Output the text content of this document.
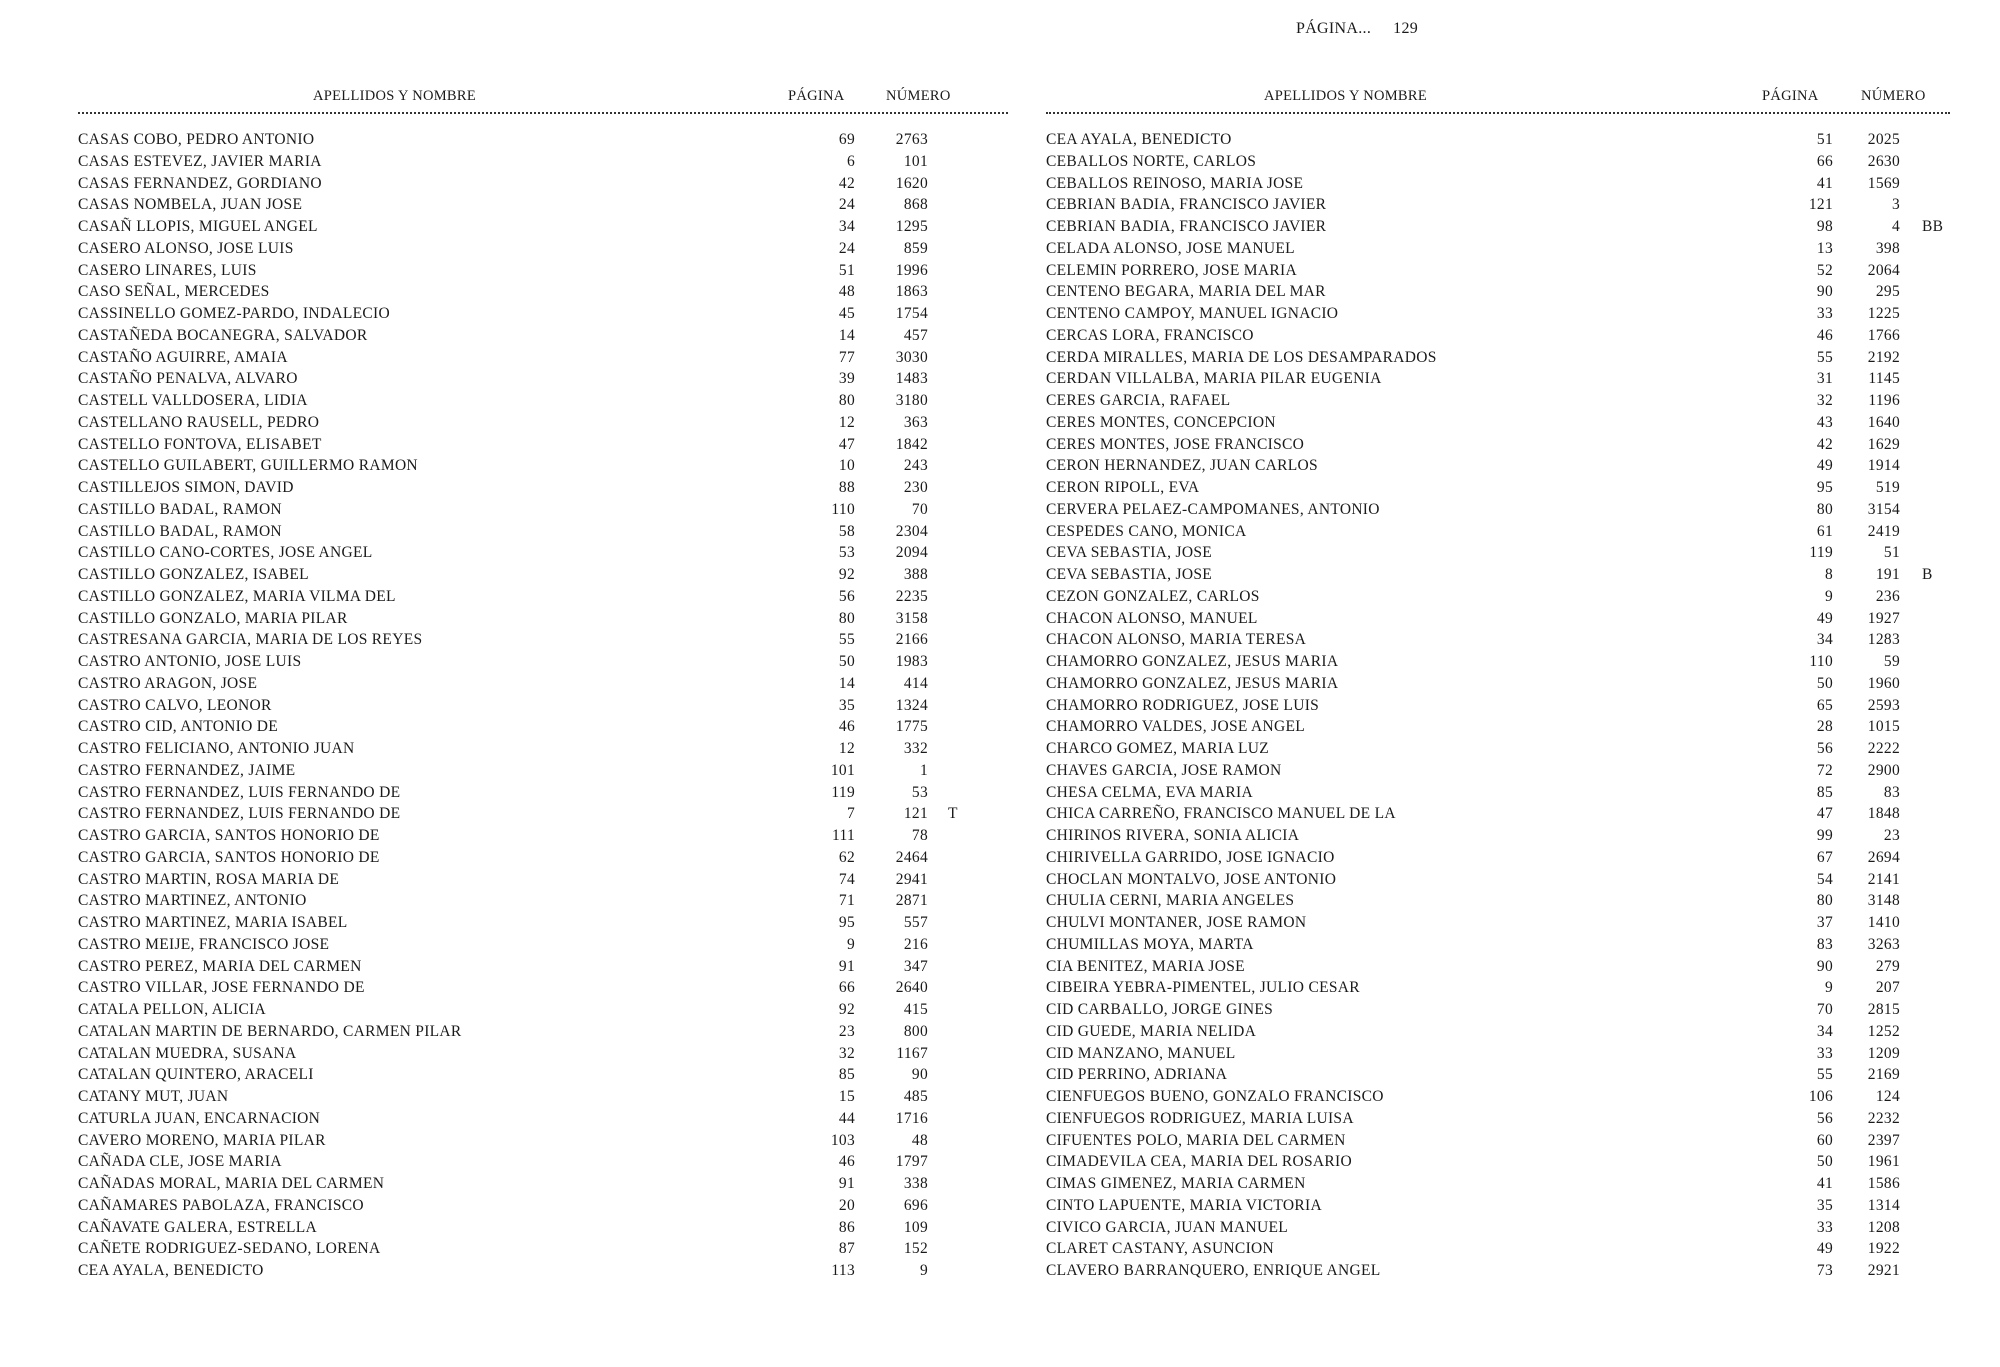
PÁGINA... 129
APELLIDOS Y NOMBRE	PÁGINA	NÚMERO	APELLIDOS Y NOMBRE	PÁGINA	NÚMERO
CASAS COBO, PEDRO ANTONIO	69	2763
CASAS ESTEVEZ, JAVIER MARIA	6	101
CASAS FERNANDEZ, GORDIANO	42	1620
CASAS NOMBELA, JUAN JOSE	24	868
CASAÑ LLOPIS, MIGUEL ANGEL	34	1295
CASERO ALONSO, JOSE LUIS	24	859
CASERO LINARES, LUIS	51	1996
CASO SEÑAL, MERCEDES	48	1863
CASSINELLO GOMEZ-PARDO, INDALECIO	45	1754
CASTAÑEDA BOCANEGRA, SALVADOR	14	457
CASTAÑO AGUIRRE, AMAIA	77	3030
CASTAÑO PENALVA, ALVARO	39	1483
CASTELL VALLDOSERA, LIDIA	80	3180
CASTELLANO RAUSELL, PEDRO	12	363
CASTELLO FONTOVA, ELISABET	47	1842
CASTELLO GUILABERT, GUILLERMO RAMON	10	243
CASTILLEJOS SIMON, DAVID	88	230
CASTILLO BADAL, RAMON	110	70
CASTILLO BADAL, RAMON	58	2304
CASTILLO CANO-CORTES, JOSE ANGEL	53	2094
CASTILLO GONZALEZ, ISABEL	92	388
CASTILLO GONZALEZ, MARIA VILMA DEL	56	2235
CASTILLO GONZALO, MARIA PILAR	80	3158
CASTRESANA GARCIA, MARIA DE LOS REYES	55	2166
CASTRO ANTONIO, JOSE LUIS	50	1983
CASTRO ARAGON, JOSE	14	414
CASTRO CALVO, LEONOR	35	1324
CASTRO CID, ANTONIO DE	46	1775
CASTRO FELICIANO, ANTONIO JUAN	12	332
CASTRO FERNANDEZ, JAIME	101	1
CASTRO FERNANDEZ, LUIS FERNANDO DE	119	53
CASTRO FERNANDEZ, LUIS FERNANDO DE	7	121 T
CASTRO GARCIA, SANTOS HONORIO DE	111	78
CASTRO GARCIA, SANTOS HONORIO DE	62	2464
CASTRO MARTIN, ROSA MARIA DE	74	2941
CASTRO MARTINEZ, ANTONIO	71	2871
CASTRO MARTINEZ, MARIA ISABEL	95	557
CASTRO MEIJE, FRANCISCO JOSE	9	216
CASTRO PEREZ, MARIA DEL CARMEN	91	347
CASTRO VILLAR, JOSE FERNANDO DE	66	2640
CATALA PELLON, ALICIA	92	415
CATALAN MARTIN DE BERNARDO, CARMEN PILAR	23	800
CATALAN MUEDRA, SUSANA	32	1167
CATALAN QUINTERO, ARACELI	85	90
CATANY MUT, JUAN	15	485
CATURLA JUAN, ENCARNACION	44	1716
CAVERO MORENO, MARIA PILAR	103	48
CAÑADA CLE, JOSE MARIA	46	1797
CAÑADAS MORAL, MARIA DEL CARMEN	91	338
CAÑAMARES PABOLAZA, FRANCISCO	20	696
CAÑAVATE GALERA, ESTRELLA	86	109
CAÑETE RODRIGUEZ-SEDANO, LORENA	87	152
CEA AYALA, BENEDICTO	113	9
CEA AYALA, BENEDICTO	51	2025
CEBALLOS NORTE, CARLOS	66	2630
CEBALLOS REINOSO, MARIA JOSE	41	1569
CEBRIAN BADIA, FRANCISCO JAVIER	121	3
CEBRIAN BADIA, FRANCISCO JAVIER	98	4 BB
CELADA ALONSO, JOSE MANUEL	13	398
CELEMIN PORRERO, JOSE MARIA	52	2064
CENTENO BEGARA, MARIA DEL MAR	90	295
CENTENO CAMPOY, MANUEL IGNACIO	33	1225
CERCAS LORA, FRANCISCO	46	1766
CERDA MIRALLES, MARIA DE LOS DESAMPARADOS	55	2192
CERDAN VILLALBA, MARIA PILAR EUGENIA	31	1145
CERES GARCIA, RAFAEL	32	1196
CERES MONTES, CONCEPCION	43	1640
CERES MONTES, JOSE FRANCISCO	42	1629
CERON HERNANDEZ, JUAN CARLOS	49	1914
CERON RIPOLL, EVA	95	519
CERVERA PELAEZ-CAMPOMANES, ANTONIO	80	3154
CESPEDES CANO, MONICA	61	2419
CEVA SEBASTIA, JOSE	119	51
CEVA SEBASTIA, JOSE	8	191 B
CEZON GONZALEZ, CARLOS	9	236
CHACON ALONSO, MANUEL	49	1927
CHACON ALONSO, MARIA TERESA	34	1283
CHAMORRO GONZALEZ, JESUS MARIA	110	59
CHAMORRO GONZALEZ, JESUS MARIA	50	1960
CHAMORRO RODRIGUEZ, JOSE LUIS	65	2593
CHAMORRO VALDES, JOSE ANGEL	28	1015
CHARCO GOMEZ, MARIA LUZ	56	2222
CHAVES GARCIA, JOSE RAMON	72	2900
CHESA CELMA, EVA MARIA	85	83
CHICA CARREÑO, FRANCISCO MANUEL DE LA	47	1848
CHIRINOS RIVERA, SONIA ALICIA	99	23
CHIRIVELLA GARRIDO, JOSE IGNACIO	67	2694
CHOCLAN MONTALVO, JOSE ANTONIO	54	2141
CHULIA CERNI, MARIA ANGELES	80	3148
CHULVI MONTANER, JOSE RAMON	37	1410
CHUMILLAS MOYA, MARTA	83	3263
CIA BENITEZ, MARIA JOSE	90	279
CIBEIRA YEBRA-PIMENTEL, JULIO CESAR	9	207
CID CARBALLO, JORGE GINES	70	2815
CID GUEDE, MARIA NELIDA	34	1252
CID MANZANO, MANUEL	33	1209
CID PERRINO, ADRIANA	55	2169
CIENFUEGOS BUENO, GONZALO FRANCISCO	106	124
CIENFUEGOS RODRIGUEZ, MARIA LUISA	56	2232
CIFUENTES POLO, MARIA DEL CARMEN	60	2397
CIMADEVILA CEA, MARIA DEL ROSARIO	50	1961
CIMAS GIMENEZ, MARIA CARMEN	41	1586
CINTO LAPUENTE, MARIA VICTORIA	35	1314
CIVICO GARCIA, JUAN MANUEL	33	1208
CLARET CASTANY, ASUNCION	49	1922
CLAVERO BARRANQUERO, ENRIQUE ANGEL	73	2921
